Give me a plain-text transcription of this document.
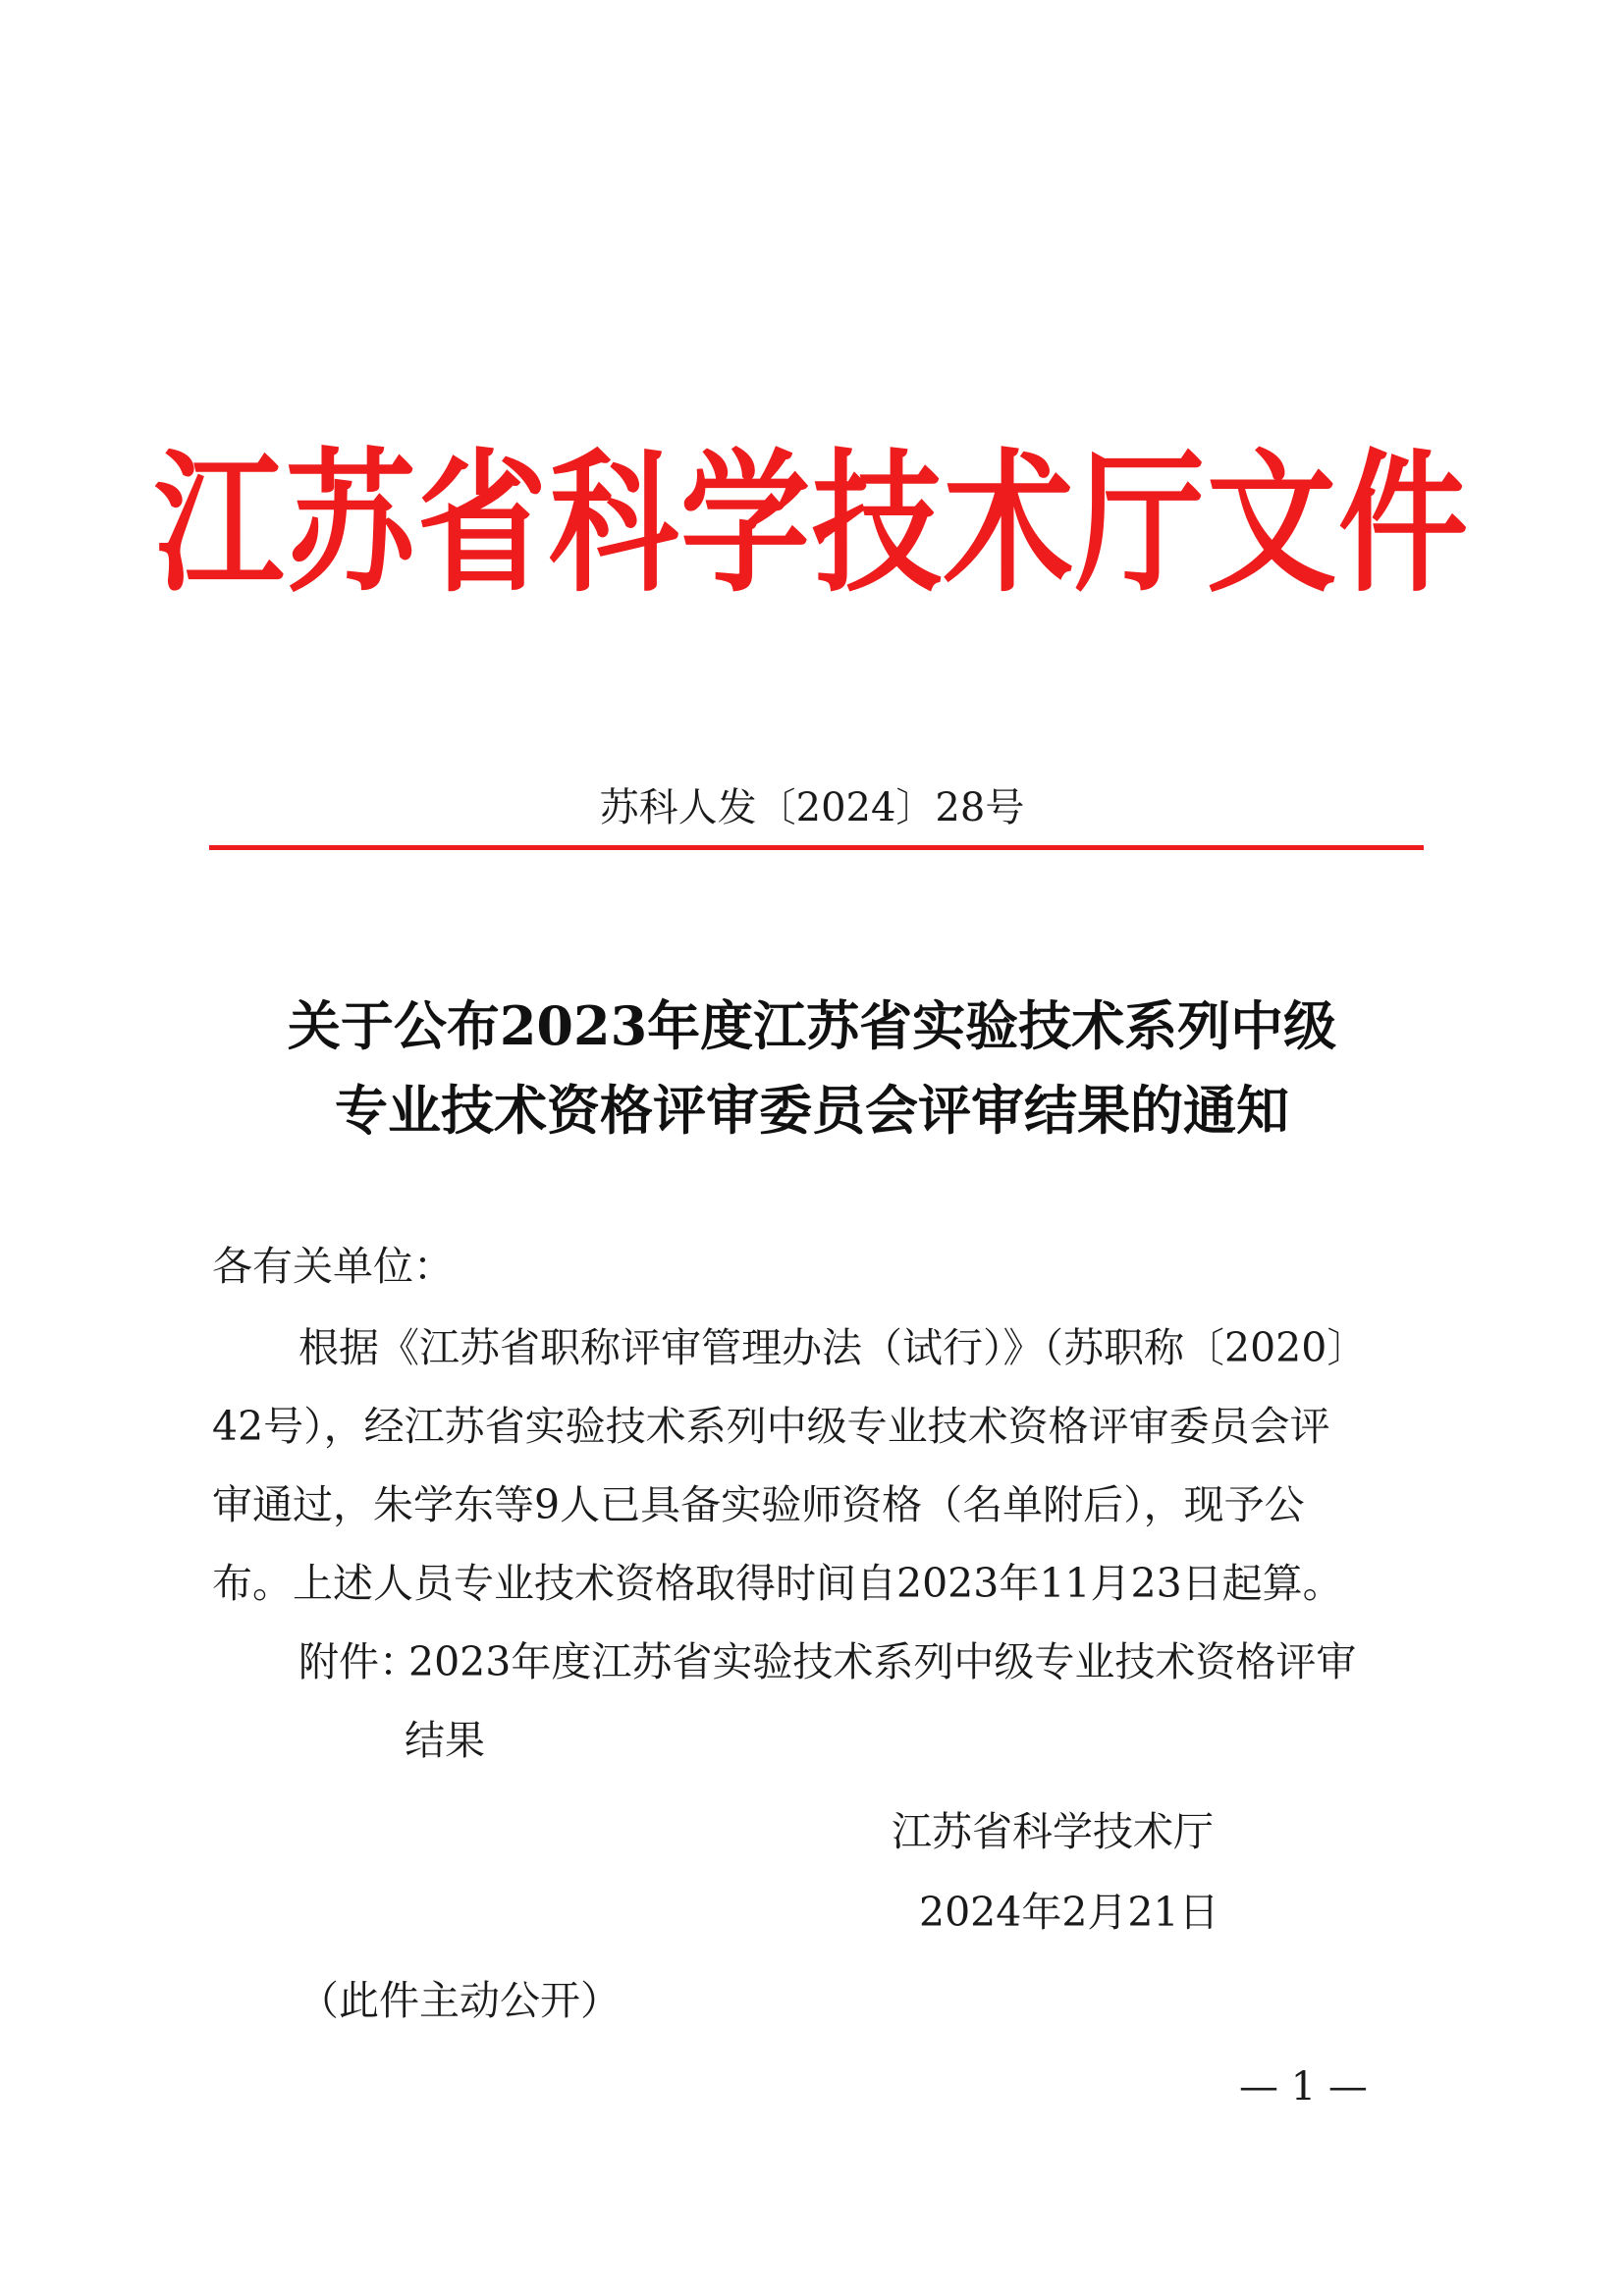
江苏省科学技术厅文件
苏科人发〔2024〕28号
关于公布2023年度江苏省实验技术系列中级
专业技术资格评审委员会评审结果的通知
各有关单位：
根据《江苏省职称评审管理办法（试行）》（苏职称〔2020〕
42号），经江苏省实验技术系列中级专业技术资格评审委员会评
审通过，朱学东等9人已具备实验师资格（名单附后），现予公
布。上述人员专业技术资格取得时间自2023年11月23日起算。
附件：
2023年度江苏省实验技术系列中级专业技术资格评审
结果
江苏省科学技术厅
2024年2月21日
（此件主动公开）
— 1 —
